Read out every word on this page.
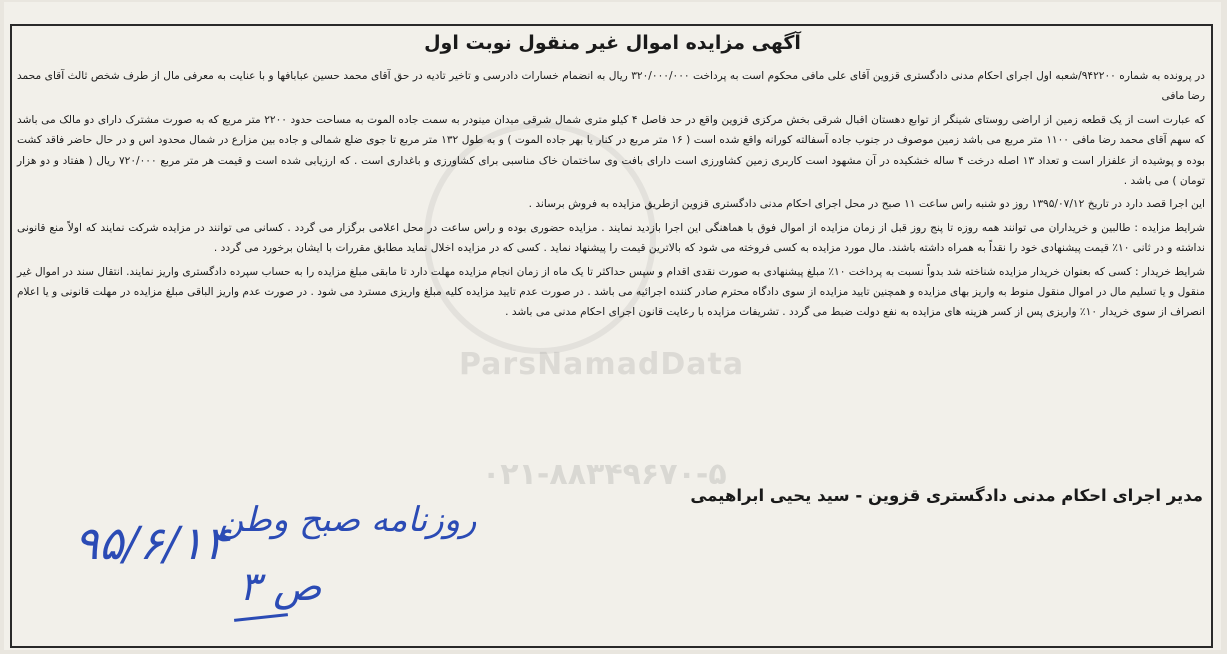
ParsNamadData
۰۲۱-۸۸۳۴۹۶۷۰-۵
آگهی مزایده اموال غیر منقول نوبت اول

در پرونده به شماره ۹۴۲۲۰۰/شعبه اول اجرای احکام مدنی دادگستری قزوین آقای علی مافی محکوم است به پرداخت ۳۲۰/۰۰۰/۰۰۰ ریال به انضمام خسارات دادرسی و تاخیر تادیه در حق آقای محمد حسین عبابافها و با عنایت به معرفی مال از طرف شخص ثالث آقای محمد رضا مافی

که عبارت است از یک قطعه زمین از اراضی روستای شینگر از توابع دهستان اقبال شرقی بخش مرکزی قزوین واقع در حد فاصل ۴ کیلو متری شمال شرقی میدان مینودر به سمت جاده الموت به مساحت حدود ۲۲۰۰ متر مربع که به صورت مشترک دارای دو مالک می باشد که سهم آقای محمد رضا مافی ۱۱۰۰ متر مربع می باشد زمین موصوف در جنوب جاده آسفالته کورانه واقع شده است ( ۱۶ متر مربع در کنار یا بهر جاده الموت ) و به طول ۱۳۲ متر مربع تا جوی ضلع شمالی و جاده بین مزارع در شمال محدود اس و در حال حاضر فاقد کشت بوده و پوشیده از علفزار است و تعداد ۱۳ اصله درخت ۴ ساله خشکیده در آن مشهود است کاربری زمین کشاورزی است دارای بافت وی ساختمان خاک مناسبی برای کشاورزی و باغداری است . که ارزیابی شده است و قیمت هر متر مربع ۷۲۰/۰۰۰ ریال ( هفتاد و دو هزار تومان ) می باشد .

این اجرا قصد دارد در تاریخ ۱۳۹۵/۰۷/۱۲ روز دو شنبه راس ساعت ۱۱ صبح در محل اجرای احکام مدنی دادگستری قزوین ازطریق مزایده به فروش برساند .

شرایط مزایده : طالبین و خریداران می توانند همه روزه تا پنج روز قبل از زمان مزایده از اموال فوق با هماهنگی این اجرا بازدید نمایند . مزایده حضوری بوده و راس ساعت در محل اعلامی برگزار می گردد . کسانی می توانند در مزایده شرکت نمایند که اولاً منع قانونی نداشته و در ثانی ۱۰٪ قیمت پیشنهادی خود را نقداً به همراه داشته باشند. مال مورد مزایده به کسی فروخته می شود که بالاترین قیمت را پیشنهاد نماید . کسی که در مزایده اخلال نماید مطابق مقررات با ایشان برخورد می گردد .

شرایط خریدار : کسی که بعنوان خریدار مزایده شناخته شد بدواً نسبت به پرداخت ۱۰٪ مبلغ پیشنهادی به صورت نقدی اقدام و سپس حداکثر تا یک ماه از زمان انجام مزایده مهلت دارد تا مابقی مبلغ مزایده را به حساب سپرده دادگستری واریز نمایند. انتقال سند در اموال غیر منقول و یا تسلیم مال در اموال منقول منوط به واریز بهای مزایده و همچنین تایید مزایده از سوی دادگاه محترم صادر کننده اجرائیه می باشد . در صورت عدم تایید مزایده کلیه مبلغ واریزی مسترد می شود . در صورت عدم واریز الباقی مبلغ مزایده در مهلت قانونی و یا اعلام انصراف از سوی خریدار ۱۰٪ واریزی پس از کسر هزینه های مزایده به نفع دولت ضبط می گردد . تشریفات مزایده با رعایت قانون اجرای احکام مدنی می باشد .

مدیر اجرای احکام مدنی دادگستری قزوین - سید یحیی ابراهیمی
۹۵/۶/۱۴
روزنامه صبح وطن
ص ۳
